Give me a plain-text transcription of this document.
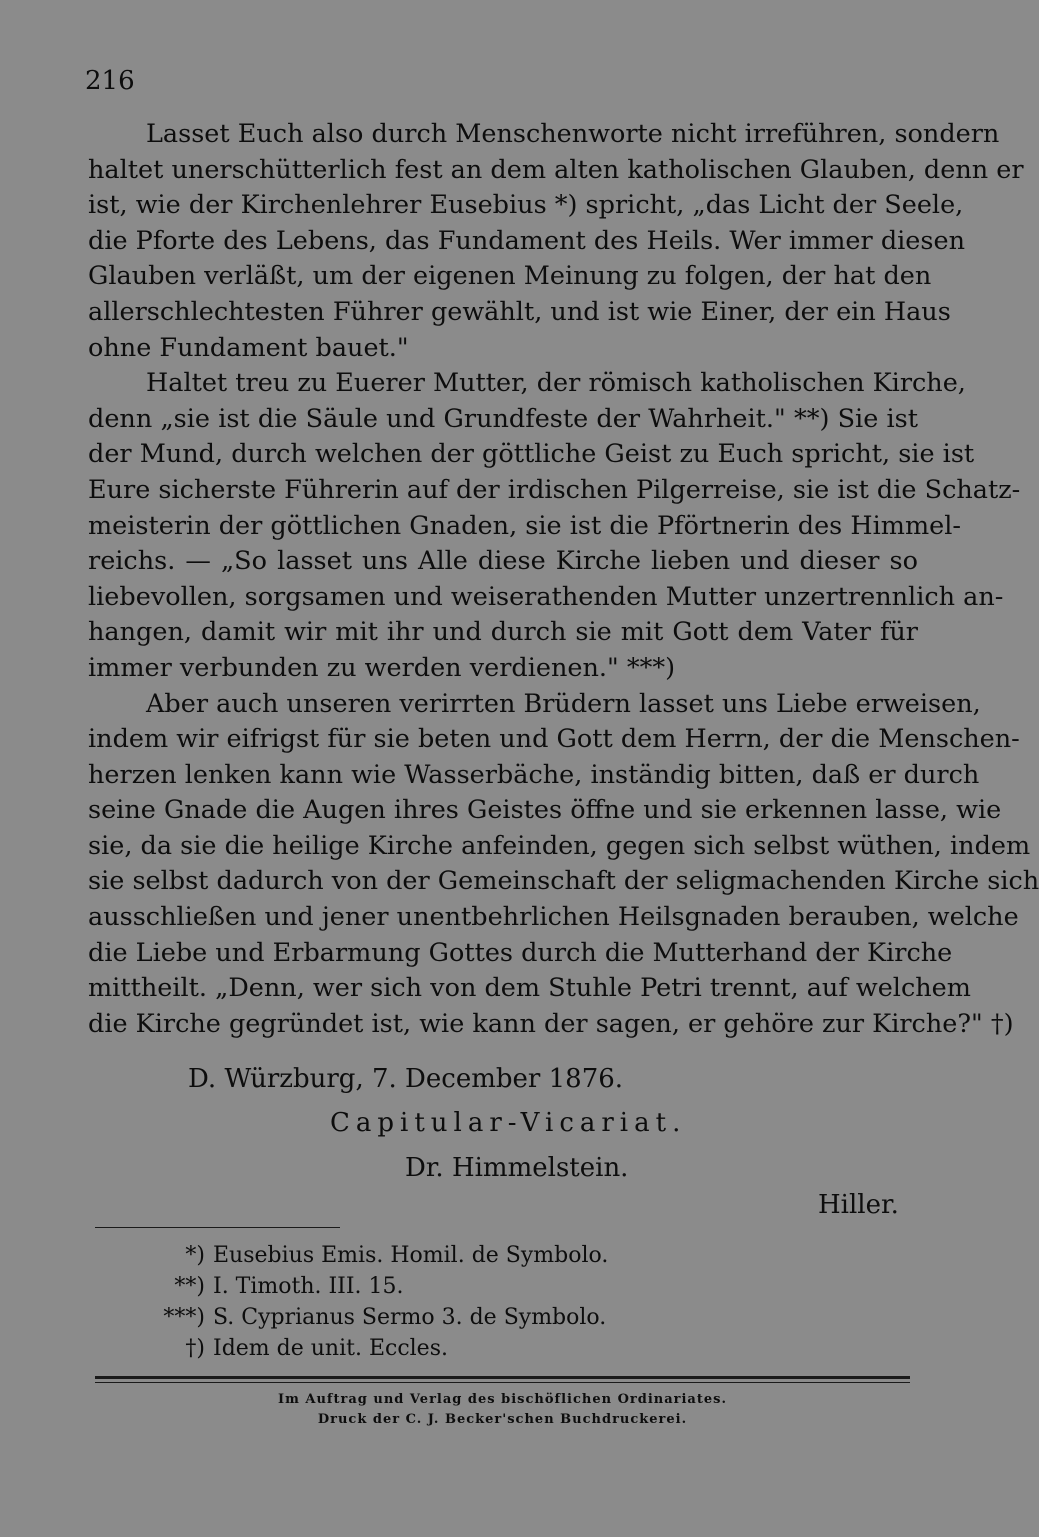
216
Lasset Euch also durch Menschenworte nicht irreführen, sondern
haltet unerschütterlich fest an dem alten katholischen Glauben, denn er
ist, wie der Kirchenlehrer Eusebius *) spricht, „das Licht der Seele,
die Pforte des Lebens, das Fundament des Heils. Wer immer diesen
Glauben verläßt, um der eigenen Meinung zu folgen, der hat den
allerschlechtesten Führer gewählt, und ist wie Einer, der ein Haus
ohne Fundament bauet."
Haltet treu zu Euerer Mutter, der römisch katholischen Kirche,
denn „sie ist die Säule und Grundfeste der Wahrheit." **) Sie ist
der Mund, durch welchen der göttliche Geist zu Euch spricht, sie ist
Eure sicherste Führerin auf der irdischen Pilgerreise, sie ist die Schatz-
meisterin der göttlichen Gnaden, sie ist die Pförtnerin des Himmel-
reichs. — „So lasset uns Alle diese Kirche lieben und dieser so
liebevollen, sorgsamen und weiserathenden Mutter unzertrennlich an-
hangen, damit wir mit ihr und durch sie mit Gott dem Vater für
immer verbunden zu werden verdienen." ***)
Aber auch unseren verirrten Brüdern lasset uns Liebe erweisen,
indem wir eifrigst für sie beten und Gott dem Herrn, der die Menschen-
herzen lenken kann wie Wasserbäche, inständig bitten, daß er durch
seine Gnade die Augen ihres Geistes öffne und sie erkennen lasse, wie
sie, da sie die heilige Kirche anfeinden, gegen sich selbst wüthen, indem
sie selbst dadurch von der Gemeinschaft der seligmachenden Kirche sich
ausschließen und jener unentbehrlichen Heilsgnaden berauben, welche
die Liebe und Erbarmung Gottes durch die Mutterhand der Kirche
mittheilt. „Denn, wer sich von dem Stuhle Petri trennt, auf welchem
die Kirche gegründet ist, wie kann der sagen, er gehöre zur Kirche?" †)
D. Würzburg, 7. December 1876.
Capitular-Vicariat.
Dr. Himmelstein.
Hiller.
*) Eusebius Emis. Homil. de Symbolo.
**) I. Timoth. III. 15.
***) S. Cyprianus Sermo 3. de Symbolo.
†) Idem de unit. Eccles.
Im Auftrag und Verlag des bischöflichen Ordinariates.
Druck der C. J. Becker'schen Buchdruckerei.
